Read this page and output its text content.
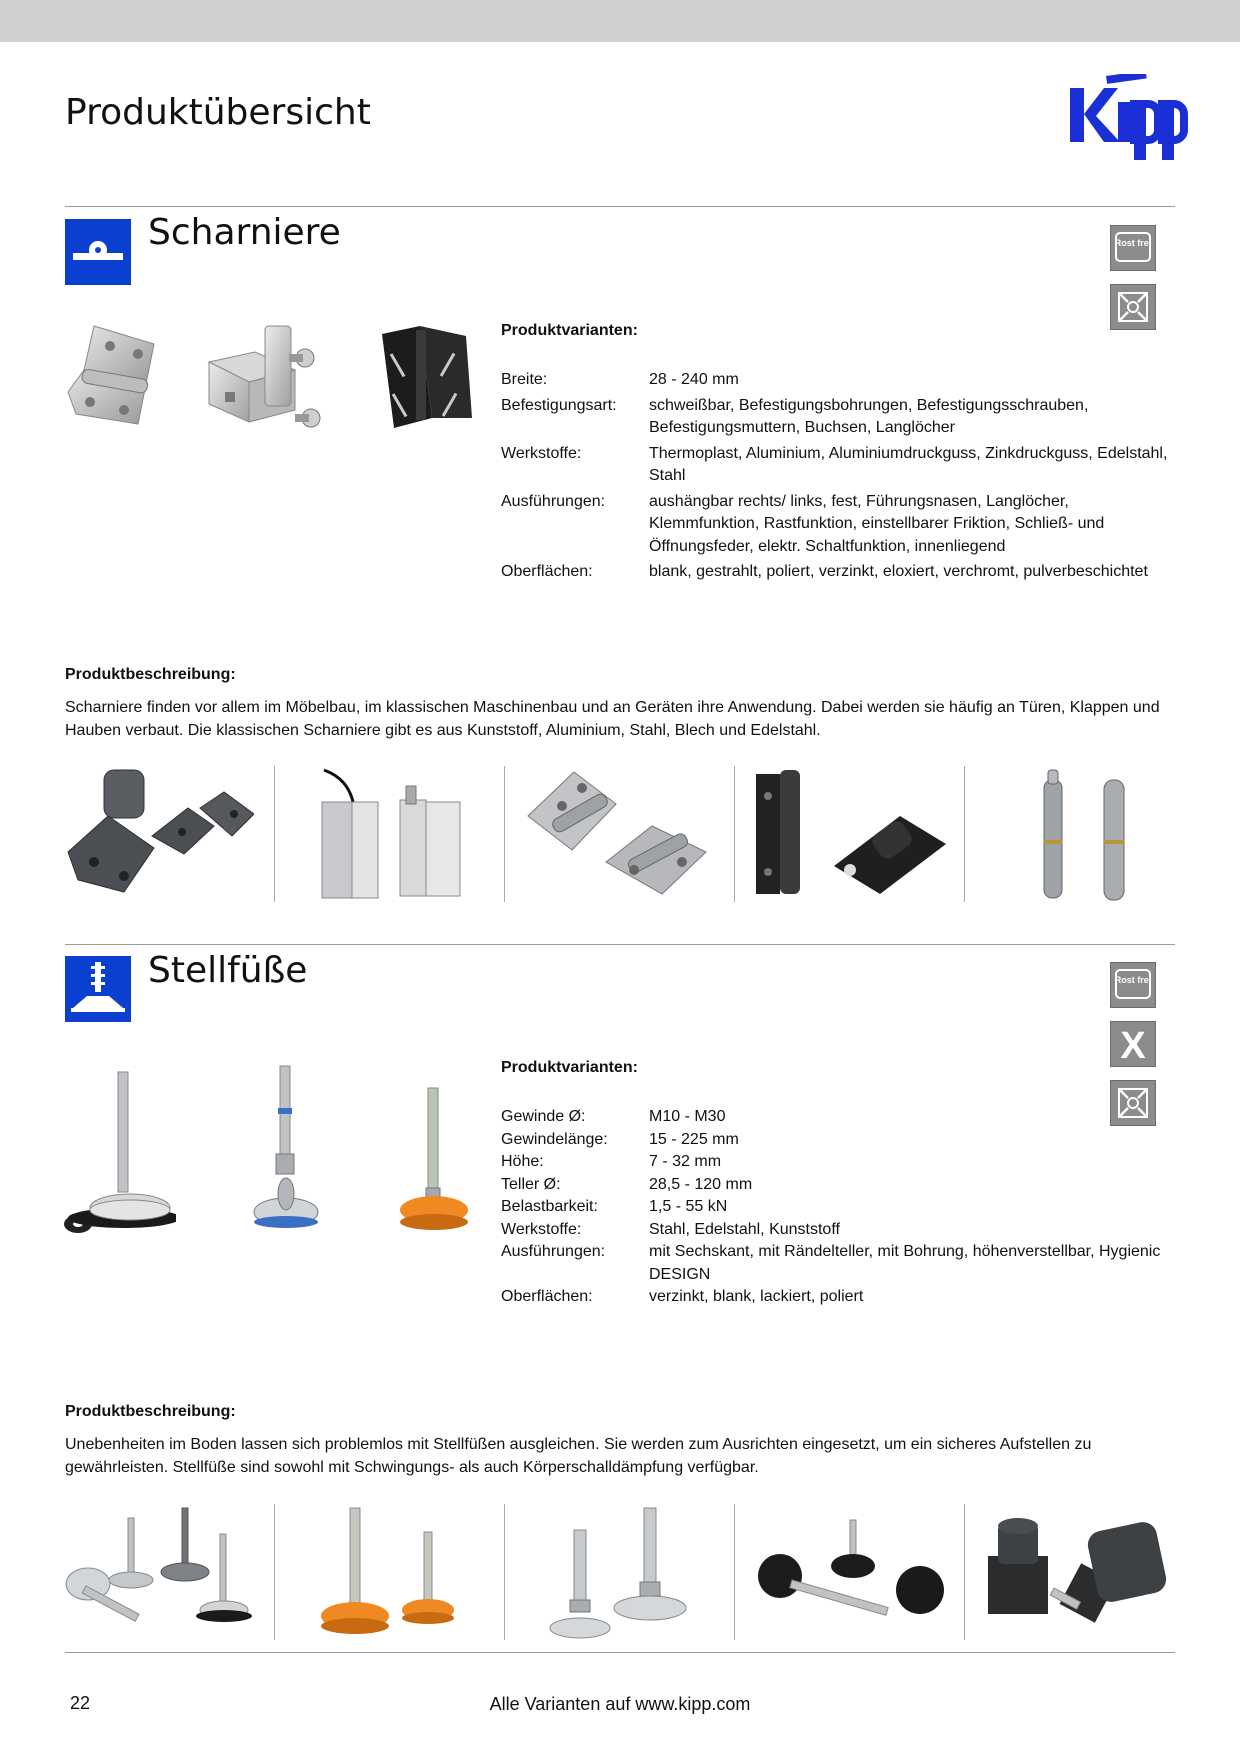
Produktübersicht
Scharniere	Rost frei
Produktvarianten:
Breite:	28 - 240 mm
Befestigungsart:	schweißbar, Befestigungsbohrungen, Befestigungsschrauben, Befestigungsmuttern, Buchsen, Langlöcher
Werkstoffe:	Thermoplast, Aluminium, Aluminiumdruckguss, Zinkdruckguss, Edelstahl, Stahl
Ausführungen:	aushängbar rechts/ links, fest, Führungsnasen, Langlöcher, Klemmfunktion, Rastfunktion, einstellbarer Friktion, Schließ- und Öffnungsfeder, elektr. Schaltfunktion, innenliegend
Oberflächen:	blank, gestrahlt, poliert, verzinkt, eloxiert, verchromt, pulverbeschichtet
Produktbeschreibung:
Scharniere finden vor allem im Möbelbau, im klassischen Maschinenbau und an Geräten ihre Anwendung. Dabei werden sie häufig an Türen, Klappen und Hauben verbaut. Die klassischen Scharniere gibt es aus Kunststoff, Aluminium, Stahl, Blech und Edelstahl.
Stellfüße	Rost frei
X
Produktvarianten:
Gewinde Ø:	M10 - M30
Gewindelänge:	15 - 225 mm
Höhe:	7 - 32 mm
Teller Ø:	28,5 - 120 mm
Belastbarkeit:	1,5 - 55 kN
Werkstoffe:	Stahl, Edelstahl, Kunststoff
Ausführungen:	mit Sechskant, mit Rändelteller, mit Bohrung, höhenverstellbar, Hygienic DESIGN
Oberflächen:	verzinkt, blank, lackiert, poliert
Produktbeschreibung:
Unebenheiten im Boden lassen sich problemlos mit Stellfüßen ausgleichen. Sie werden zum Ausrichten eingesetzt, um ein sicheres Aufstellen zu gewährleisten. Stellfüße sind sowohl mit Schwingungs- als auch Körperschalldämpfung verfügbar.
22	Alle Varianten auf www.kipp.com
